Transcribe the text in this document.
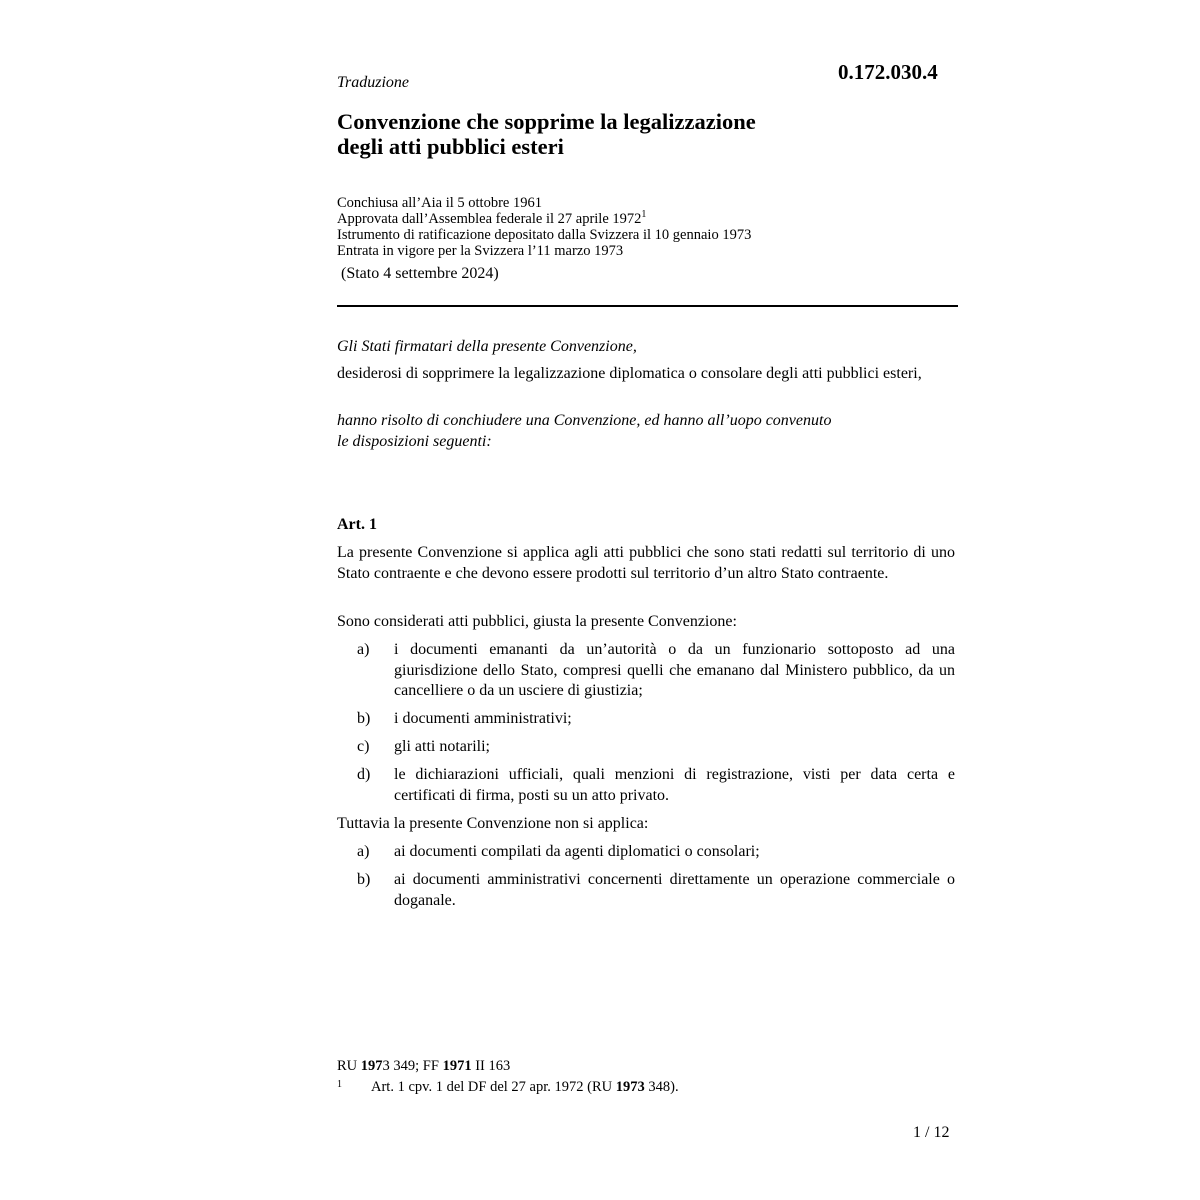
0.172.030.4
Traduzione
Convenzione che sopprime la legalizzazione
degli atti pubblici esteri
Conchiusa all’Aia il 5 ottobre 1961
Approvata dall’Assemblea federale il 27 aprile 1972$^1$
Istrumento di ratificazione depositato dalla Svizzera il 10 gennaio 1973
Entrata in vigore per la Svizzera l’11 marzo 1973
(Stato 4 settembre 2024)
Gli Stati firmatari della presente Convenzione,
desiderosi di sopprimere la legalizzazione diplomatica o consolare degli atti pubblici esteri,
hanno risolto di conchiudere una Convenzione, ed hanno all’uopo convenuto
le disposizioni seguenti:
Art. 1
La presente Convenzione si applica agli atti pubblici che sono stati redatti sul territorio di uno Stato contraente e che devono essere prodotti sul territorio d’un altro Stato contraente.
Sono considerati atti pubblici, giusta la presente Convenzione:
a)	i documenti emananti da un’autorità o da un funzionario sottoposto ad una giurisdizione dello Stato, compresi quelli che emanano dal Ministero pubblico, da un cancelliere o da un usciere di giustizia;
b)	i documenti amministrativi;
c)	gli atti notarili;
d)	le dichiarazioni ufficiali, quali menzioni di registrazione, visti per data certa e certificati di firma, posti su un atto privato.
Tuttavia la presente Convenzione non si applica:
a)	ai documenti compilati da agenti diplomatici o consolari;
b)	ai documenti amministrativi concernenti direttamente un operazione commerciale o doganale.
RU 1973 349; FF 1971 II 163
1 Art. 1 cpv. 1 del DF del 27 apr. 1972 (RU 1973 348).
1 / 12
